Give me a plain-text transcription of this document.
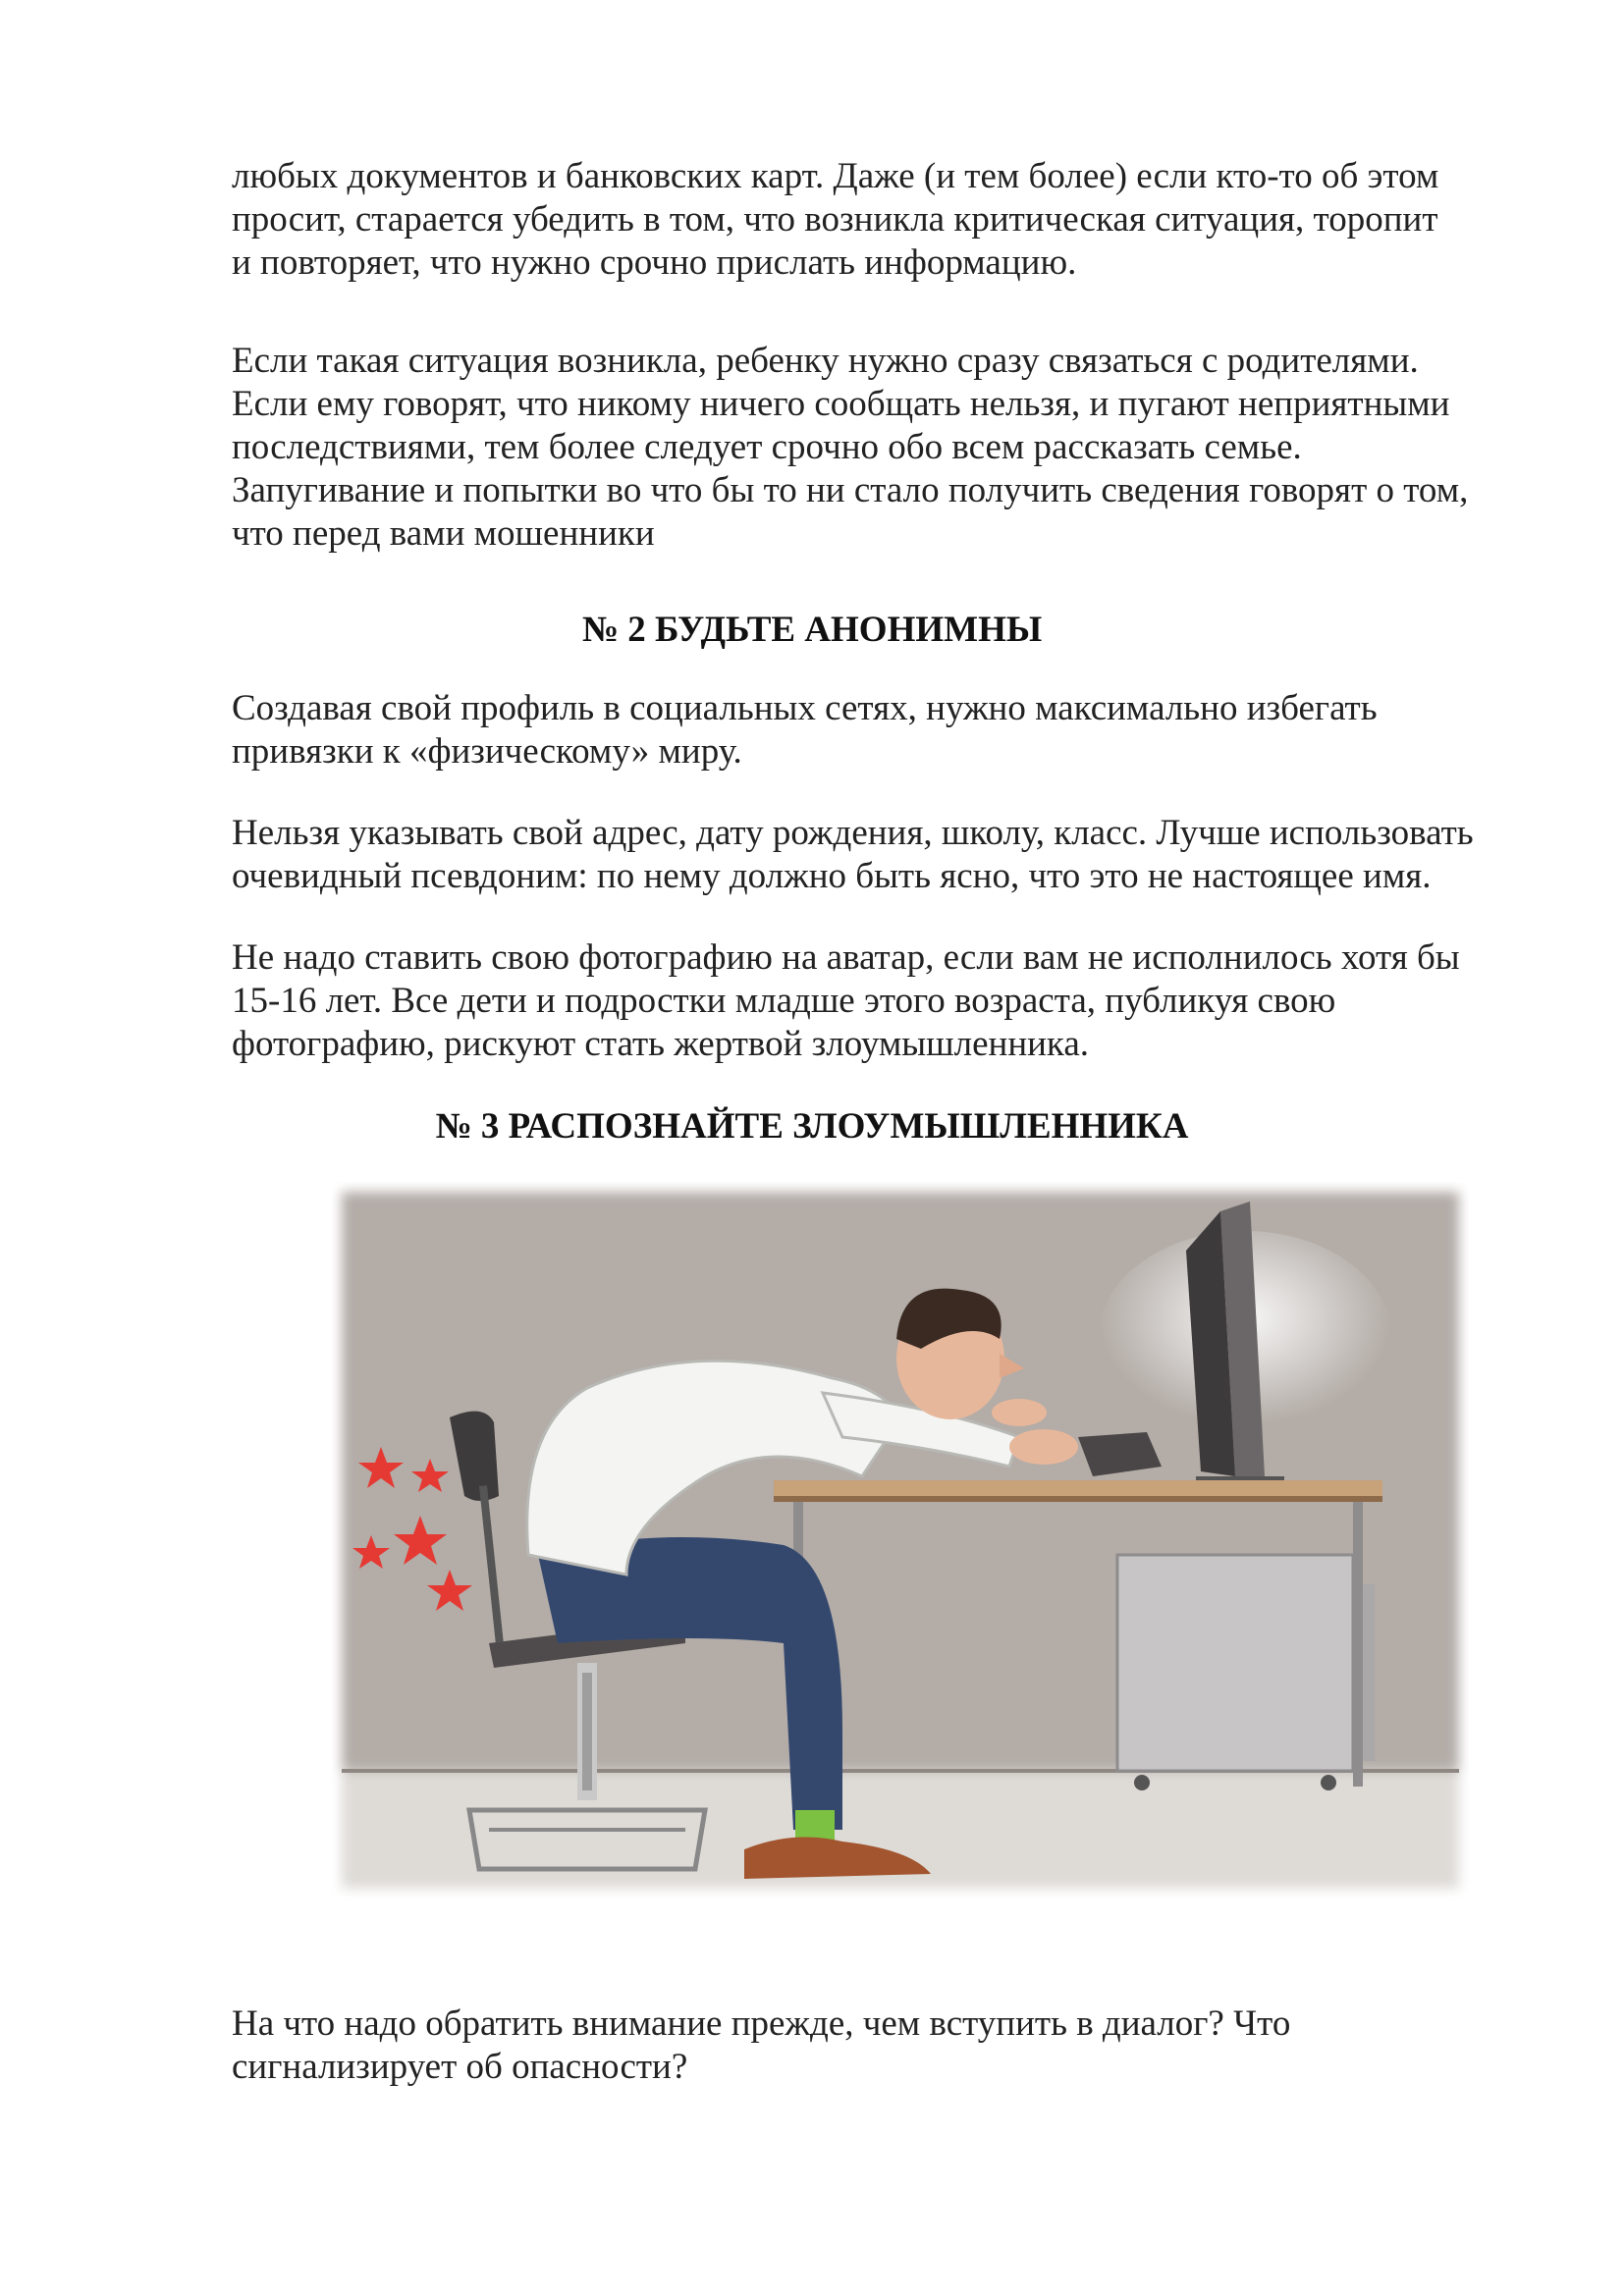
любых документов и банковских карт. Даже (и тем более) если кто-то об этом
просит, старается убедить в том, что возникла критическая ситуация, торопит
и повторяет, что нужно срочно прислать информацию.

Если такая ситуация возникла, ребенку нужно сразу связаться с родителями.
Если ему говорят, что никому ничего сообщать нельзя, и пугают неприятными
последствиями, тем более следует срочно обо всем рассказать семье.
Запугивание и попытки во что бы то ни стало получить сведения говорят о том,
что перед вами мошенники

№ 2 БУДЬТЕ АНОНИМНЫ

Создавая свой профиль в социальных сетях, нужно максимально избегать
привязки к «физическому» миру.

Нельзя указывать свой адрес, дату рождения, школу, класс. Лучше использовать
очевидный псевдоним: по нему должно быть ясно, что это не настоящее имя.

Не надо ставить свою фотографию на аватар, если вам не исполнилось хотя бы
15-16 лет. Все дети и подростки младше этого возраста, публикуя свою
фотографию, рискуют стать жертвой злоумышленника.

№ 3 РАСПОЗНАЙТЕ ЗЛОУМЫШЛЕННИКА

На что надо обратить внимание прежде, чем вступить в диалог? Что
сигнализирует об опасности?
